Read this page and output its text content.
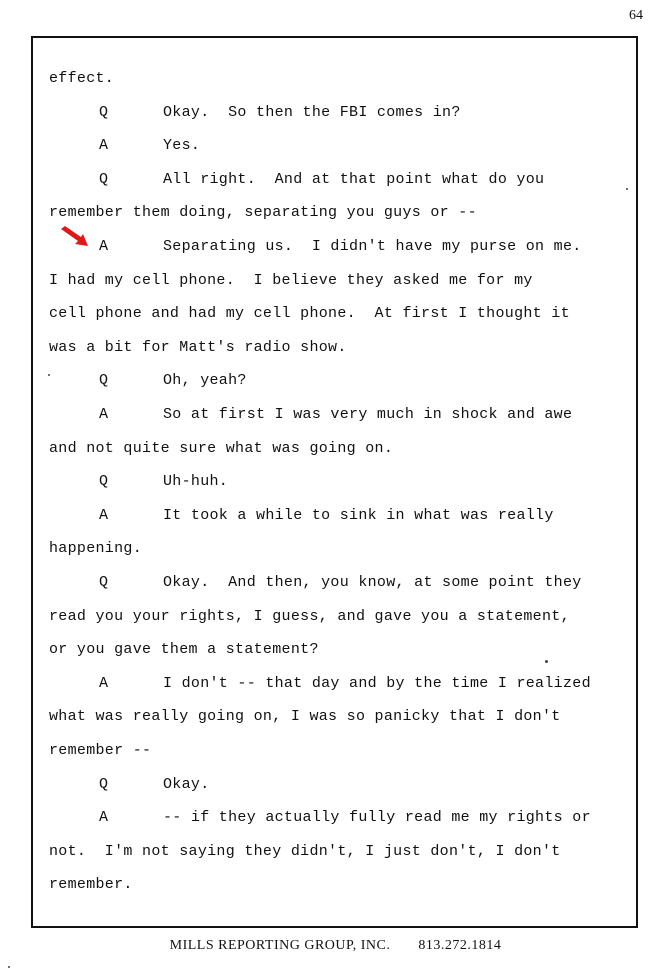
64
effect.
Q	Okay.  So then the FBI comes in?
A	Yes.
Q	All right.  And at that point what do you
remember them doing, separating you guys or --
A	Separating us.  I didn't have my purse on me.
I had my cell phone.  I believe they asked me for my
cell phone and had my cell phone.  At first I thought it
was a bit for Matt's radio show.
Q	Oh, yeah?
A	So at first I was very much in shock and awe
and not quite sure what was going on.
Q	Uh-huh.
A	It took a while to sink in what was really
happening.
Q	Okay.  And then, you know, at some point they
read you your rights, I guess, and gave you a statement,
or you gave them a statement?
A	I don't -- that day and by the time I realized
what was really going on, I was so panicky that I don't
remember --
Q	Okay.
A	-- if they actually fully read me my rights or
not.  I'm not saying they didn't, I just don't, I don't
remember.
MILLS REPORTING GROUP, INC. 813.272.1814
